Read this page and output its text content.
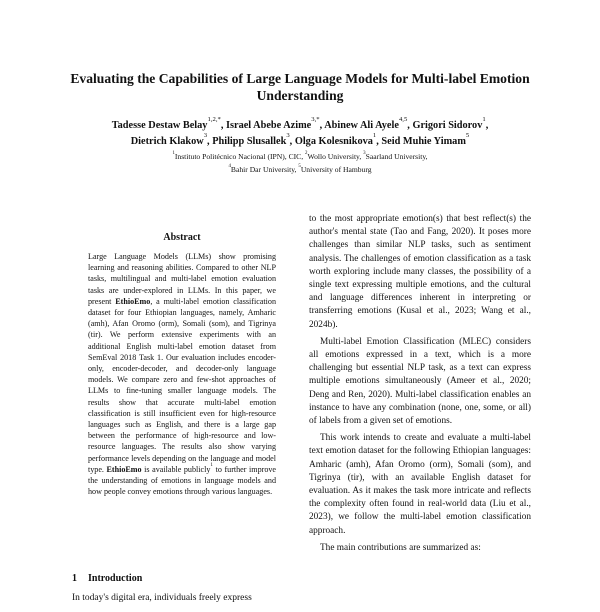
Evaluating the Capabilities of Large Language Models for Multi-label Emotion Understanding
Tadesse Destaw Belay$^{1,2,*}$, Israel Abebe Azime$^{3,*}$, Abinew Ali Ayele$^{4,5}$, Grigori Sidorov$^1$,
Dietrich Klakow$^3$, Philipp Slusallek$^3$, Olga Kolesnikova$^1$, Seid Muhie Yimam$^5$
$^1$Instituto Politécnico Nacional (IPN), CIC, $^2$Wollo University, $^3$Saarland University,
$^4$Bahir Dar University, $^5$University of Hamburg
Abstract
Large Language Models (LLMs) show promising learning and reasoning abilities. Compared to other NLP tasks, multilingual and multi-label emotion evaluation tasks are under-explored in LLMs. In this paper, we present EthioEmo, a multi-label emotion classification dataset for four Ethiopian languages, namely, Amharic (amh), Afan Oromo (orm), Somali (som), and Tigrinya (tir). We perform extensive experiments with an additional English multi-label emotion dataset from SemEval 2018 Task 1. Our evaluation includes encoder-only, encoder-decoder, and decoder-only language models. We compare zero and few-shot approaches of LLMs to fine-tuning smaller language models. The results show that accurate multi-label emotion classification is still insufficient even for high-resource languages such as English, and there is a large gap between the performance of high-resource and low-resource languages. The results also show varying performance levels depending on the language and model type. EthioEmo is available publicly$^1$ to further improve the understanding of emotions in language models and how people convey emotions through various languages.
1 Introduction
In today's digital era, individuals freely express

to the most appropriate emotion(s) that best reflect(s) the author's mental state (Tao and Fang, 2020). It poses more challenges than similar NLP tasks, such as sentiment analysis. The challenges of emotion classification as a task worth exploring include many classes, the possibility of a single text expressing multiple emotions, and the cultural and language differences inherent in interpreting or transferring emotions (Kusal et al., 2023; Wang et al., 2024b).

Multi-label Emotion Classification (MLEC) considers all emotions expressed in a text, which is a more challenging but essential NLP task, as a text can express multiple emotions simultaneously (Ameer et al., 2020; Deng and Ren, 2020). Multi-label classification enables an instance to have any combination (none, one, some, or all) of labels from a given set of emotions.

This work intends to create and evaluate a multi-label text emotion dataset for the following Ethiopian languages: Amharic (amh), Afan Oromo (orm), Somali (som), and Tigrinya (tir), with an available English dataset for evaluation. As it makes the task more intricate and reflects the complexity often found in real-world data (Liu et al., 2023), we follow the multi-label emotion classification approach.

The main contributions are summarized as:
